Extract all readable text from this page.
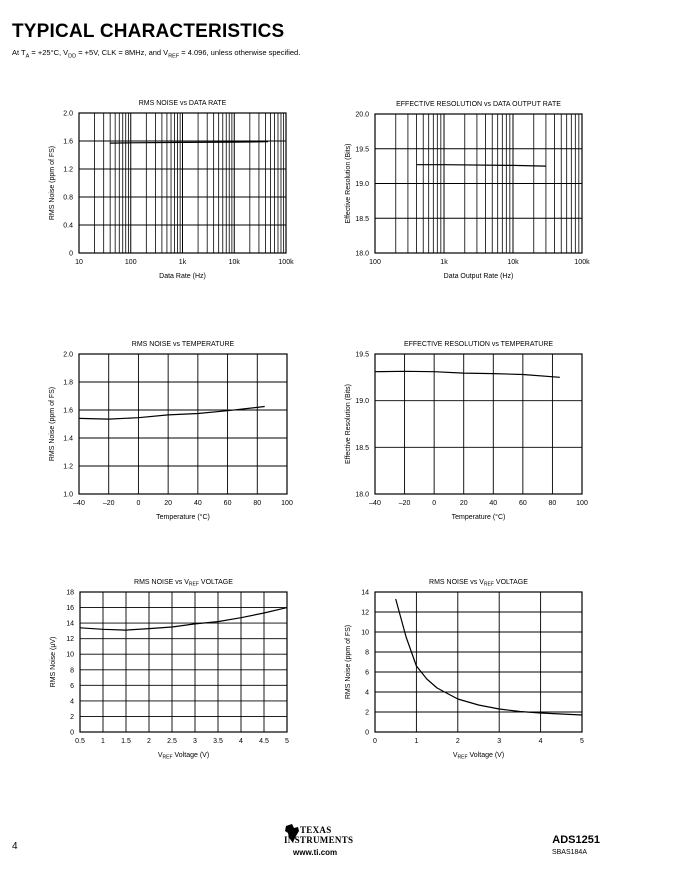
TYPICAL CHARACTERISTICS
At $T_A = +25^\circ C$, $V_{DD} = +5V$, CLK = 8MHz, and $V_{REF} = 4.096$, unless otherwise specified.
10	100	1k	10k	100k
0
0.4
0.8
1.2
1.6
2.0
RMS NOISE vs DATA RATE
Data Rate (Hz)
RMS Noise (ppm of FS)
100	1k	10k	100k
18.0
18.5
19.0
19.5
20.0
EFFECTIVE RESOLUTION vs DATA OUTPUT RATE
Data Output Rate (Hz)
Effective Resolution (Bits)
–40	–20	0	20	40	60	80	100
1.0
1.2
1.4
1.6
1.8
2.0
RMS NOISE vs TEMPERATURE
Temperature (°C)
RMS Noise (ppm of FS)
–40	–20	0	20	40	60	80	100
18.0
18.5
19.0
19.5
EFFECTIVE RESOLUTION vs TEMPERATURE
Temperature (°C)
Effective Resolution (Bits)
0.5 1 1.5 2 2.5 3 3.5 4 4.5 5
0
2
4
6
8
10
12
14
16
18
RMS NOISE vs $V_{REF}$ VOLTAGE
$V_{REF}$ Voltage (V)
RMS Noise (µV)
0	1	2	3	4	5
0
2
4
6
8
10
12
14
RMS NOISE vs $V_{REF}$ VOLTAGE
$V_{REF}$ Voltage (V)
RMS Noise (ppm of FS)
4
TEXAS
INSTRUMENTS
www.ti.com
ADS1251
SBAS184A
